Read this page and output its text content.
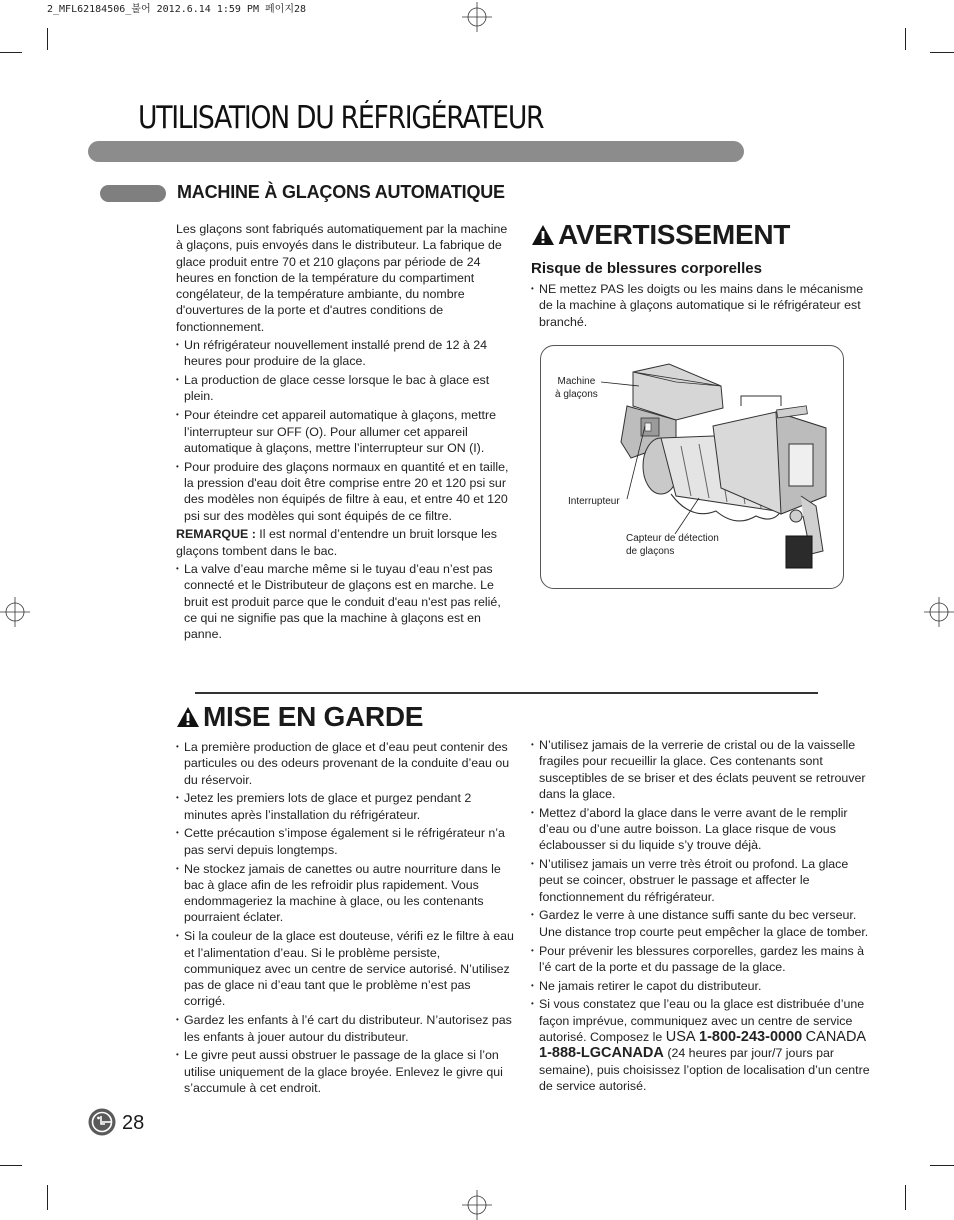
2_MFL62184506_불어 2012.6.14 1:59 PM 페이지28
UTILISATION DU RÉFRIGÉRATEUR
MACHINE À GLAÇONS AUTOMATIQUE

Les glaçons sont fabriqués automatiquement par la machine à glaçons, puis envoyés dans le distributeur. La fabrique de glace produit entre 70 et 210 glaçons par période de 24 heures en fonction de la température du compartiment congélateur, de la température ambiante, du nombre d'ouvertures de la porte et d'autres conditions de fonctionnement.

• Un réfrigérateur nouvellement installé prend de 12 à 24 heures pour produire de la glace.
• La production de glace cesse lorsque le bac à glace est plein.
• Pour éteindre cet appareil automatique à glaçons, mettre l’interrupteur sur OFF (O). Pour allumer cet appareil automatique à glaçons, mettre l’interrupteur sur ON (I).
• Pour produire des glaçons normaux en quantité et en taille, la pression d'eau doit être comprise entre 20 et 120 psi sur des modèles non équipés de filtre à eau, et entre 40 et 120 psi sur des modèles qui sont équipés de ce filtre.

REMARQUE : Il est normal d’entendre un bruit lorsque les glaçons tombent dans le bac.

• La valve d’eau marche même si le tuyau d’eau n’est pas connecté et le Distributeur de glaçons est en marche. Le bruit est produit parce que le conduit d'eau n'est pas relié, ce qui ne signifie pas que la machine à glaçons est en panne.
AVERTISSEMENT
Risque de blessures corporelles
• NE mettez PAS les doigts ou les mains dans le mécanisme de la machine à glaçons automatique si le réfrigérateur est branché.
Machine
à glaçons
Interrupteur
Capteur de détection
de glaçons
MISE EN GARDE
• La première production de glace et d’eau peut contenir des particules ou des odeurs provenant de la conduite d’eau ou du réservoir.
• Jetez les premiers lots de glace et purgez pendant 2 minutes après l’installation du réfrigérateur.
• Cette précaution s’impose également si le réfrigérateur n’a pas servi depuis longtemps.
• Ne stockez jamais de canettes ou autre nourriture dans le bac à glace afin de les refroidir plus rapidement. Vous endommageriez la machine à glace, ou les contenants pourraient éclater.
• Si la couleur de la glace est douteuse, vérifi ez le filtre à eau et l’alimentation d’eau. Si le problème persiste, communiquez avec un centre de service autorisé. N’utilisez pas de glace ni d’eau tant que le problème n’est pas corrigé.
• Gardez les enfants à l’é cart du distributeur. N’autorisez pas les enfants à jouer autour du distributeur.
• Le givre peut aussi obstruer le passage de la glace si l’on utilise uniquement de la glace broyée. Enlevez le givre qui s’accumule à cet endroit.
• N’utilisez jamais de la verrerie de cristal ou de la vaisselle fragiles pour recueillir la glace. Ces contenants sont susceptibles de se briser et des éclats peuvent se retrouver dans la glace.
• Mettez d’abord la glace dans le verre avant de le remplir d’eau ou d’une autre boisson. La glace risque de vous éclabousser si du liquide s’y trouve déjà.
• N’utilisez jamais un verre très étroit ou profond. La glace peut se coincer, obstruer le passage et affecter le fonctionnement du réfrigérateur.
• Gardez le verre à une distance suffi sante du bec verseur. Une distance trop courte peut empêcher la glace de tomber.
• Pour prévenir les blessures corporelles, gardez les mains à l’é cart de la porte et du passage de la glace.
• Ne jamais retirer le capot du distributeur.
• Si vous constatez que l’eau ou la glace est distribuée d’une façon imprévue, communiquez avec un centre de service autorisé. Composez le USA 1-800-243-0000 CANADA 1-888-LGCANADA (24 heures par jour/7 jours par semaine), puis choisissez l’option de localisation d’un centre de service autorisé.
28
